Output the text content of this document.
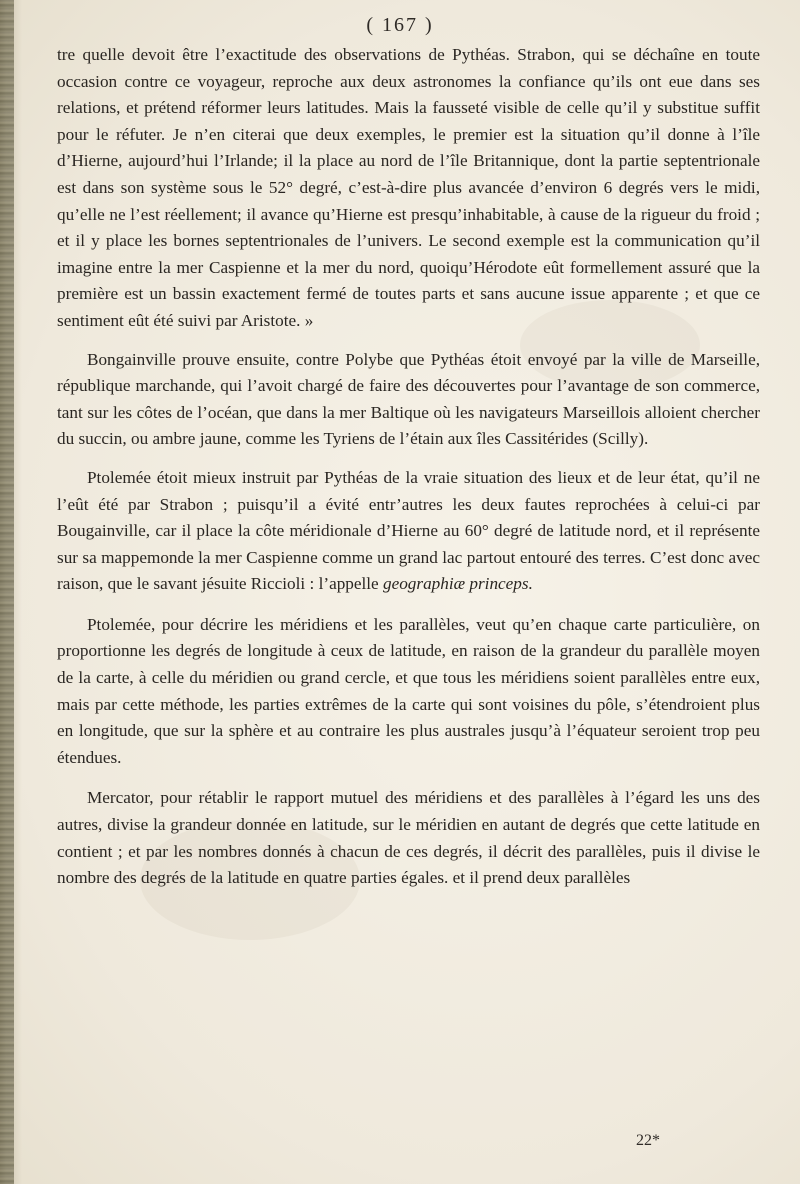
( 167 )

tre quelle devoit être l’exactitude des observations de Pythéas. Strabon, qui se déchaîne en toute occasion contre ce voyageur, reproche aux deux astronomes la confiance qu’ils ont eue dans ses relations, et prétend réformer leurs latitudes. Mais la fausseté visible de celle qu’il y substitue suffit pour le réfuter. Je n’en citerai que deux exemples, le premier est la situation qu’il donne à l’île d’Hierne, aujourd’hui l’Irlande; il la place au nord de l’île Britannique, dont la partie septentrionale est dans son système sous le 52° degré, c’est-à-dire plus avancée d’environ 6 degrés vers le midi, qu’elle ne l’est réellement; il avance qu’Hierne est presqu’inhabitable, à cause de la rigueur du froid ; et il y place les bornes septentrionales de l’univers. Le second exemple est la communication qu’il imagine entre la mer Caspienne et la mer du nord, quoiqu’Hérodote eût formellement assuré que la première est un bassin exactement fermé de toutes parts et sans aucune issue apparente ; et que ce sentiment eût été suivi par Aristote. »

Bongainville prouve ensuite, contre Polybe que Pythéas étoit envoyé par la ville de Marseille, république marchande, qui l’avoit chargé de faire des découvertes pour l’avantage de son commerce, tant sur les côtes de l’océan, que dans la mer Baltique où les navigateurs Marseillois alloient chercher du succin, ou ambre jaune, comme les Tyriens de l’étain aux îles Cassitérides (Scilly).

Ptolemée étoit mieux instruit par Pythéas de la vraie situation des lieux et de leur état, qu’il ne l’eût été par Strabon ; puisqu’il a évité entr’autres les deux fautes reprochées à celui-ci par Bougainville, car il place la côte méridionale d’Hierne au 60° degré de latitude nord, et il représente sur sa mappemonde la mer Caspienne comme un grand lac partout entouré des terres. C’est donc avec raison, que le savant jésuite Riccioli : l’appelle geographiæ princeps.

Ptolemée, pour décrire les méridiens et les parallèles, veut qu’en chaque carte particulière, on proportionne les degrés de longitude à ceux de latitude, en raison de la grandeur du parallèle moyen de la carte, à celle du méridien ou grand cercle, et que tous les méridiens soient parallèles entre eux, mais par cette méthode, les parties extrêmes de la carte qui sont voisines du pôle, s’étendroient plus en longitude, que sur la sphère et au contraire les plus australes jusqu’à l’équateur seroient trop peu étendues.

Mercator, pour rétablir le rapport mutuel des méridiens et des parallèles à l’égard les uns des autres, divise la grandeur donnée en latitude, sur le méridien en autant de degrés que cette latitude en contient ; et par les nombres donnés à chacun de ces degrés, il décrit des parallèles, puis il divise le nombre des degrés de la latitude en quatre parties égales. et il prend deux parallèles

22*
